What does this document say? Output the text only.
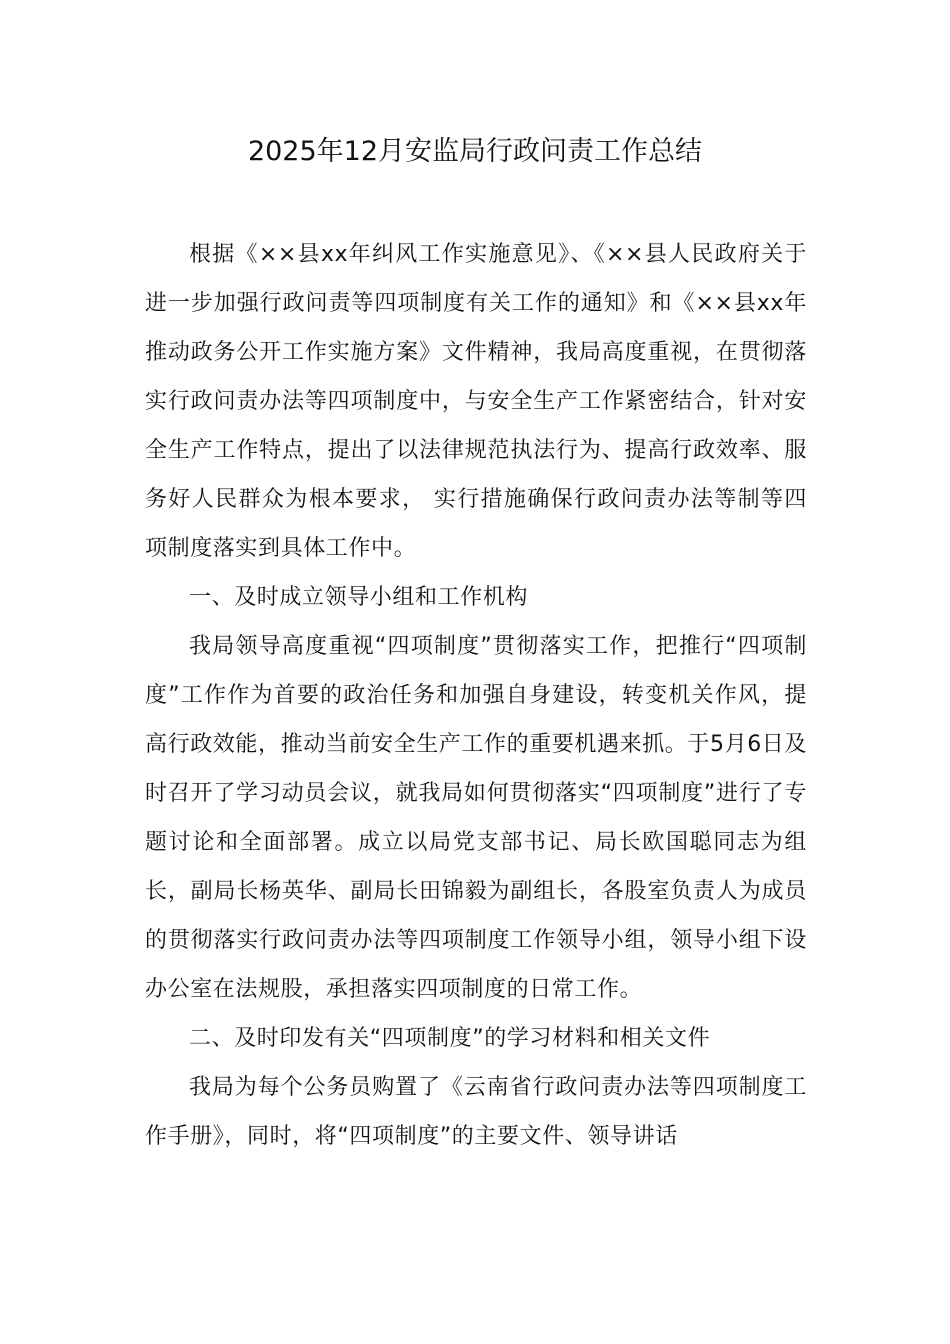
2025年12月安监局行政问责工作总结

根据《××县xx年纠风工作实施意见》、《××县人民政府关于进一步加强行政问责等四项制度有关工作的通知》和《××县xx年推动政务公开工作实施方案》文件精神，我局高度重视，在贯彻落实行政问责办法等四项制度中，与安全生产工作紧密结合，针对安全生产工作特点，提出了以法律规范执法行为、提高行政效率、服务好人民群众为根本要求， 实行措施确保行政问责办法等制等四项制度落实到具体工作中。

一、及时成立领导小组和工作机构

我局领导高度重视“四项制度”贯彻落实工作，把推行“四项制度”工作作为首要的政治任务和加强自身建设，转变机关作风，提高行政效能，推动当前安全生产工作的重要机遇来抓。于5月6日及时召开了学习动员会议，就我局如何贯彻落实“四项制度”进行了专题讨论和全面部署。成立以局党支部书记、局长欧国聪同志为组长，副局长杨英华、副局长田锦毅为副组长，各股室负责人为成员的贯彻落实行政问责办法等四项制度工作领导小组，领导小组下设办公室在法规股，承担落实四项制度的日常工作。

二、及时印发有关“四项制度”的学习材料和相关文件

我局为每个公务员购置了《云南省行政问责办法等四项制度工作手册》，同时，将“四项制度”的主要文件、领导讲话
